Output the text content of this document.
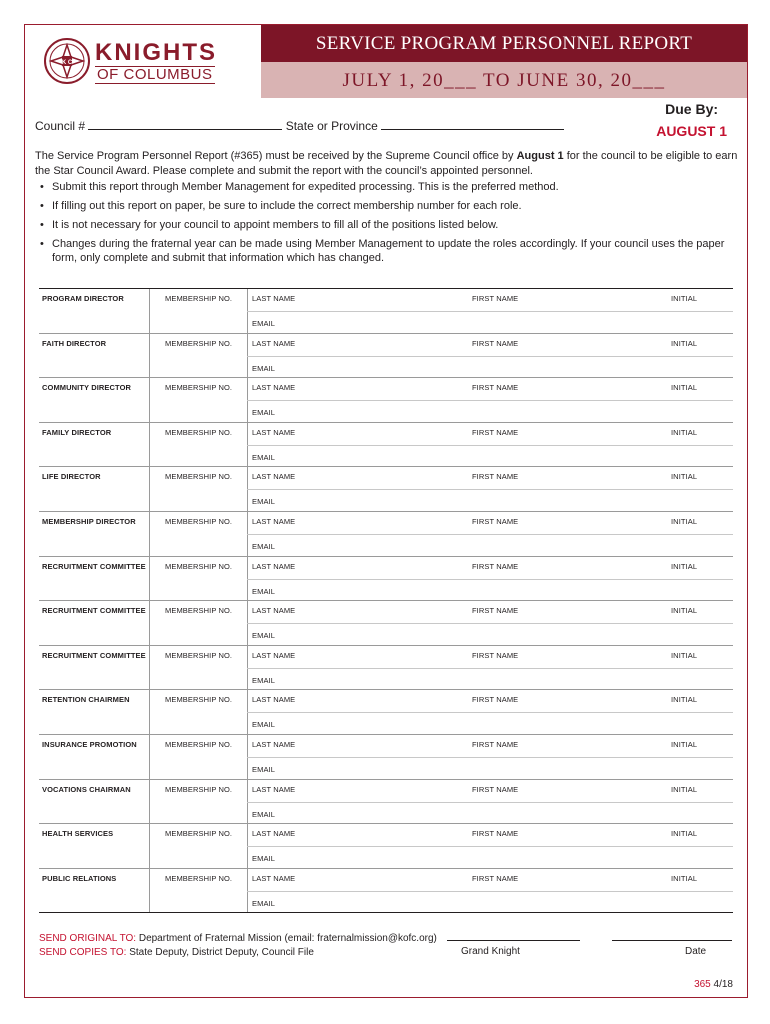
K C KNIGHTS
OF COLUMBUS
SERVICE PROGRAM PERSONNEL REPORT
JULY 1, 20___ TO JUNE 30, 20___
Council #	State or Province
Due By:
AUGUST 1
The Service Program Personnel Report (#365) must be received by the Supreme Council office by August 1 for the council to be eligible to earn the Star Council Award. Please complete and submit the report with the council’s appointed personnel.
• Submit this report through Member Management for expedited processing. This is the preferred method.
• If filling out this report on paper, be sure to include the correct membership number for each role.
• It is not necessary for your council to appoint members to fill all of the positions listed below.
• Changes during the fraternal year can be made using Member Management to update the roles accordingly. If your council uses the paper form, only complete and submit that information which has changed.
PROGRAM DIRECTOR	MEMBERSHIP NO.	LAST NAME	FIRST NAME	INITIAL
EMAIL
FAITH DIRECTOR	MEMBERSHIP NO.	LAST NAME	FIRST NAME	INITIAL
EMAIL
COMMUNITY DIRECTOR	MEMBERSHIP NO.	LAST NAME	FIRST NAME	INITIAL
EMAIL
FAMILY DIRECTOR	MEMBERSHIP NO.	LAST NAME	FIRST NAME	INITIAL
EMAIL
LIFE DIRECTOR	MEMBERSHIP NO.	LAST NAME	FIRST NAME	INITIAL
EMAIL
MEMBERSHIP DIRECTOR	MEMBERSHIP NO.	LAST NAME	FIRST NAME	INITIAL
EMAIL
RECRUITMENT COMMITTEE	MEMBERSHIP NO.	LAST NAME	FIRST NAME	INITIAL
EMAIL
RECRUITMENT COMMITTEE	MEMBERSHIP NO.	LAST NAME	FIRST NAME	INITIAL
EMAIL
RECRUITMENT COMMITTEE	MEMBERSHIP NO.	LAST NAME	FIRST NAME	INITIAL
EMAIL
RETENTION CHAIRMEN	MEMBERSHIP NO.	LAST NAME	FIRST NAME	INITIAL
EMAIL
INSURANCE PROMOTION	MEMBERSHIP NO.	LAST NAME	FIRST NAME	INITIAL
EMAIL
VOCATIONS CHAIRMAN	MEMBERSHIP NO.	LAST NAME	FIRST NAME	INITIAL
EMAIL
HEALTH SERVICES	MEMBERSHIP NO.	LAST NAME	FIRST NAME	INITIAL
EMAIL
PUBLIC RELATIONS	MEMBERSHIP NO.	LAST NAME	FIRST NAME	INITIAL
EMAIL
SEND ORIGINAL TO: Department of Fraternal Mission (email: fraternalmission@kofc.org)
SEND COPIES TO: State Deputy, District Deputy, Council File	Grand Knight	Date
365 4/18
